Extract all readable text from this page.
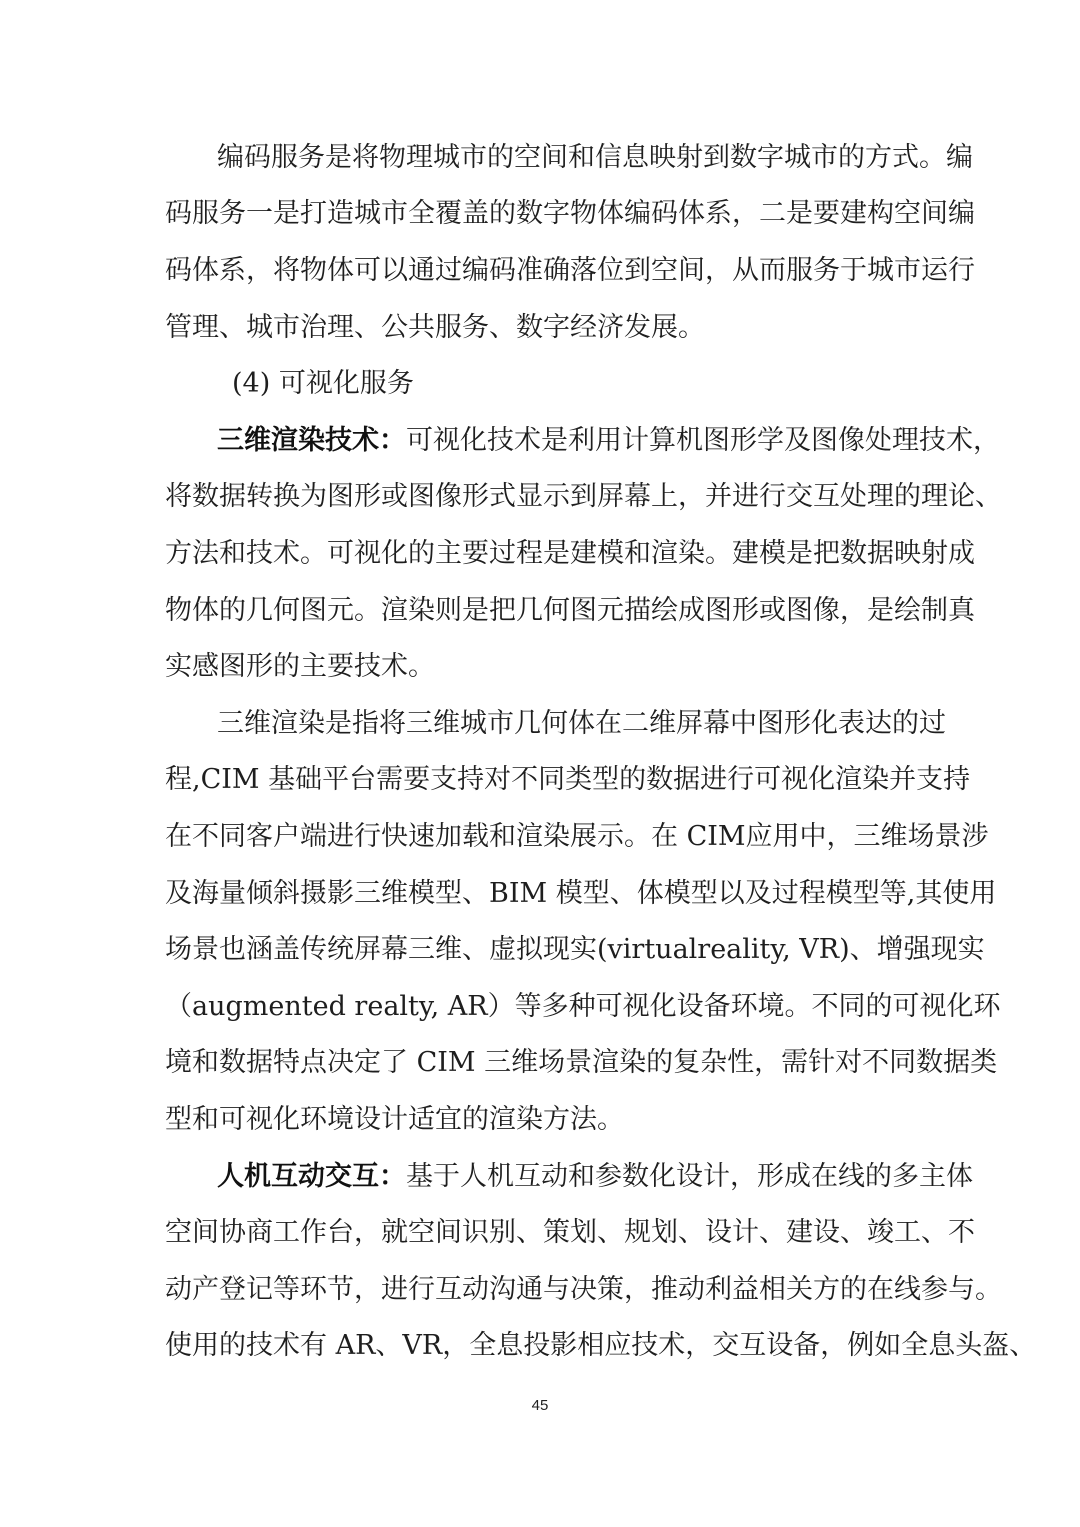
编码服务是将物理城市的空间和信息映射到数字城市的方式。编
码服务一是打造城市全覆盖的数字物体编码体系，二是要建构空间编
码体系，将物体可以通过编码准确落位到空间，从而服务于城市运行
管理、城市治理、公共服务、数字经济发展。
(4) 可视化服务
三维渲染技术：可视化技术是利用计算机图形学及图像处理技术，
将数据转换为图形或图像形式显示到屏幕上，并进行交互处理的理论、
方法和技术。可视化的主要过程是建模和渲染。建模是把数据映射成
物体的几何图元。渲染则是把几何图元描绘成图形或图像，是绘制真
实感图形的主要技术。
三维渲染是指将三维城市几何体在二维屏幕中图形化表达的过
程,CIM 基础平台需要支持对不同类型的数据进行可视化渲染并支持
在不同客户端进行快速加载和渲染展示。在 CIM应用中，三维场景涉
及海量倾斜摄影三维模型、BIM 模型、体模型以及过程模型等,其使用
场景也涵盖传统屏幕三维、虚拟现实(virtualreality, VR)、增强现实
（augmented realty, AR）等多种可视化设备环境。不同的可视化环
境和数据特点决定了 CIM 三维场景渲染的复杂性，需针对不同数据类
型和可视化环境设计适宜的渲染方法。
人机互动交互：基于人机互动和参数化设计，形成在线的多主体
空间协商工作台，就空间识别、策划、规划、设计、建设、竣工、不
动产登记等环节，进行互动沟通与决策，推动利益相关方的在线参与。
使用的技术有 AR、VR，全息投影相应技术，交互设备，例如全息头盔、
45
